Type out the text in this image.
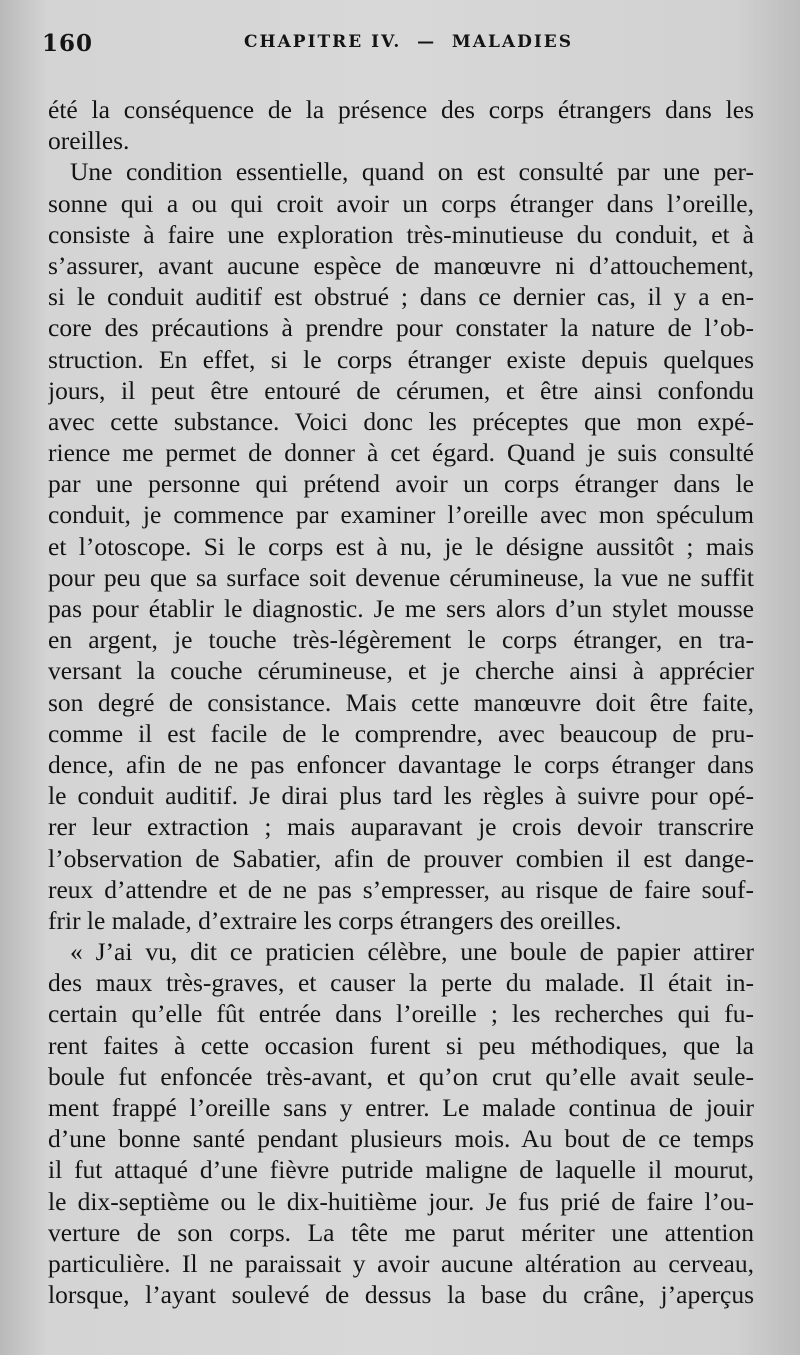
160	CHAPITRE IV.  —  MALADIES
été la conséquence de la présence des corps étrangers dans les
oreilles.
Une condition essentielle, quand on est consulté par une per-
sonne qui a ou qui croit avoir un corps étranger dans l’oreille,
consiste à faire une exploration très-minutieuse du conduit, et à
s’assurer, avant aucune espèce de manœuvre ni d’attouchement,
si le conduit auditif est obstrué ; dans ce dernier cas, il y a en-
core des précautions à prendre pour constater la nature de l’ob-
struction. En effet, si le corps étranger existe depuis quelques
jours, il peut être entouré de cérumen, et être ainsi confondu
avec cette substance. Voici donc les préceptes que mon expé-
rience me permet de donner à cet égard. Quand je suis consulté
par une personne qui prétend avoir un corps étranger dans le
conduit, je commence par examiner l’oreille avec mon spéculum
et l’otoscope. Si le corps est à nu, je le désigne aussitôt ; mais
pour peu que sa surface soit devenue cérumineuse, la vue ne suffit
pas pour établir le diagnostic. Je me sers alors d’un stylet mousse
en argent, je touche très-légèrement le corps étranger, en tra-
versant la couche cérumineuse, et je cherche ainsi à apprécier
son degré de consistance. Mais cette manœuvre doit être faite,
comme il est facile de le comprendre, avec beaucoup de pru-
dence, afin de ne pas enfoncer davantage le corps étranger dans
le conduit auditif. Je dirai plus tard les règles à suivre pour opé-
rer leur extraction ; mais auparavant je crois devoir transcrire
l’observation de Sabatier, afin de prouver combien il est dange-
reux d’attendre et de ne pas s’empresser, au risque de faire souf-
frir le malade, d’extraire les corps étrangers des oreilles.
« J’ai vu, dit ce praticien célèbre, une boule de papier attirer
des maux très-graves, et causer la perte du malade. Il était in-
certain qu’elle fût entrée dans l’oreille ; les recherches qui fu-
rent faites à cette occasion furent si peu méthodiques, que la
boule fut enfoncée très-avant, et qu’on crut qu’elle avait seule-
ment frappé l’oreille sans y entrer. Le malade continua de jouir
d’une bonne santé pendant plusieurs mois. Au bout de ce temps
il fut attaqué d’une fièvre putride maligne de laquelle il mourut,
le dix-septième ou le dix-huitième jour. Je fus prié de faire l’ou-
verture de son corps. La tête me parut mériter une attention
particulière. Il ne paraissait y avoir aucune altération au cerveau,
lorsque, l’ayant soulevé de dessus la base du crâne, j’aperçus
